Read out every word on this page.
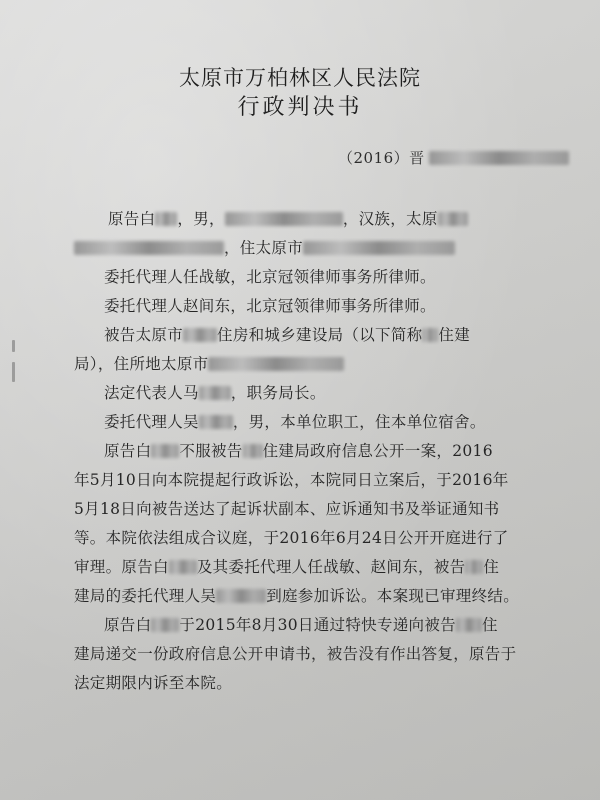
太原市万柏林区人民法院
行政判决书
（2016）晋
原告白 ，男，	，汉族，太原
，住太原市
委托代理人任战敏，北京冠领律师事务所律师。
委托代理人赵间东，北京冠领律师事务所律师。
被告太原市 住房和城乡建设局（以下简称 住建
局），住所地太原市
法定代表人马 ，职务局长。
委托代理人吴 ，男，本单位职工，住本单位宿舍。
原告白 不服被告 住建局政府信息公开一案，2016
年5月10日向本院提起行政诉讼，本院同日立案后，于2016年
5月18日向被告送达了起诉状副本、应诉通知书及举证通知书
等。本院依法组成合议庭，于2016年6月24日公开开庭进行了
审理。原告白 及其委托代理人任战敏、赵间东，被告 住
建局的委托代理人吴	到庭参加诉讼。本案现已审理终结。
原告白 于2015年8月30日通过特快专递向被告 住
建局递交一份政府信息公开申请书，被告没有作出答复，原告于
法定期限内诉至本院。
